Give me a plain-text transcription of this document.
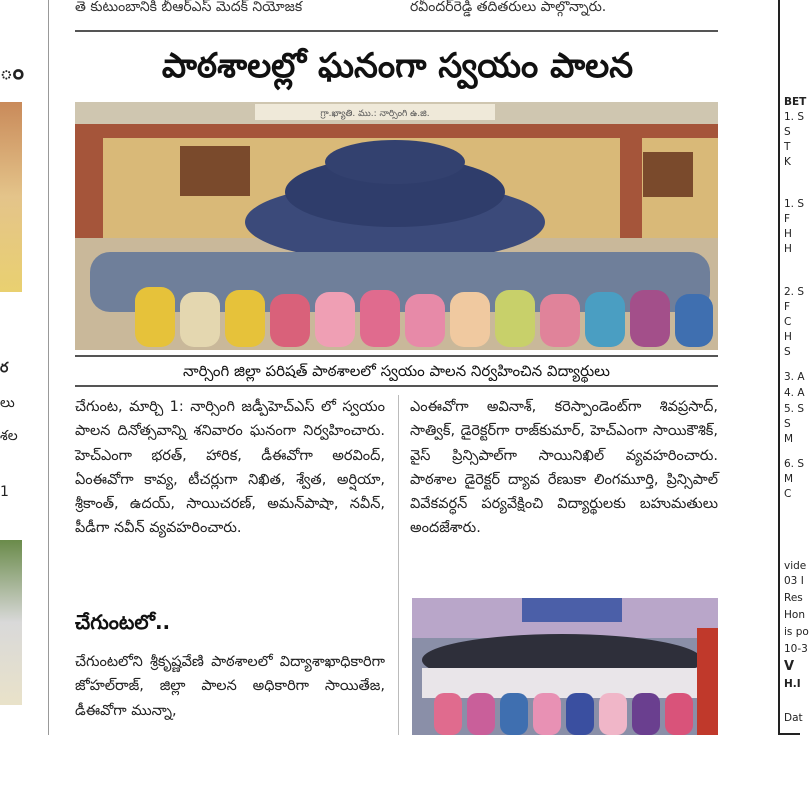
ం
ర
లు
శల
1
తె కుటుంబానికి బీఆర్ఎస్ మెదక్ నియోజక	రవీందర్‌రెడ్డి తదితరులు పాల్గొన్నారు.
పాఠశాలల్లో ఘనంగా స్వయం పాలన
గ్రా.ఖ్యాతి. ము.: నార్సింగి ఉ.జి.
నార్సింగి జిల్లా పరిషత్ పాఠశాలలో స్వయం పాలన నిర్వహించిన విద్యార్థులు

చేగుంట, మార్చి 1: నార్సింగి జడ్పీహెచ్ఎస్ లో స్వయం పాలన దినోత్సవాన్ని శనివారం ఘనంగా నిర్వహించారు. హెచ్ఎంగా భరత్, హారిక, డీఈవోగా అరవింద్, ఏంఈవోగా కావ్య, టీచర్లుగా నిఖిత, శ్వేత, అర్షియా, శ్రీకాంత్, ఉదయ్, సాయిచరణ్, అమన్‌పాషా, నవీన్, పీడీగా నవీన్ వ్యవహరించారు.

చేగుంటలో..

చేగుంటలోని శ్రీకృష్ణవేణి పాఠశాలలో విద్యాశాఖాధికారిగా జోహల్‌రాజ్, జిల్లా పాలన అధికారిగా సాయితేజ, డీఈవోగా మున్నా,

ఎంఈవోగా అవినాశ్, కరెస్పాండెంట్‌గా శివప్రసాద్, సాత్విక్, డైరెక్టర్‌గా రాజ్‌కుమార్, హెచ్ఎంగా సాయికౌశిక్, వైస్ ప్రిన్సిపాల్‌గా సాయినిఖిల్ వ్యవహరించారు. పాఠశాల డైరెక్టర్ ద్యావ రేణుకా లింగమూర్తి, ప్రిన్సిపాల్ వివేకవర్ధన్ పర్యవేక్షించి విద్యార్థులకు బహుమతులు అందజేశారు.

BET
1. S
S
T
K
1. S
F
H
H
2. S
F
C
H
S
3. A
4. A
5. S
S
M
6. S
M
C
vide
03 I
Res
Hon
is po
10-3
V
H.I
Dat
